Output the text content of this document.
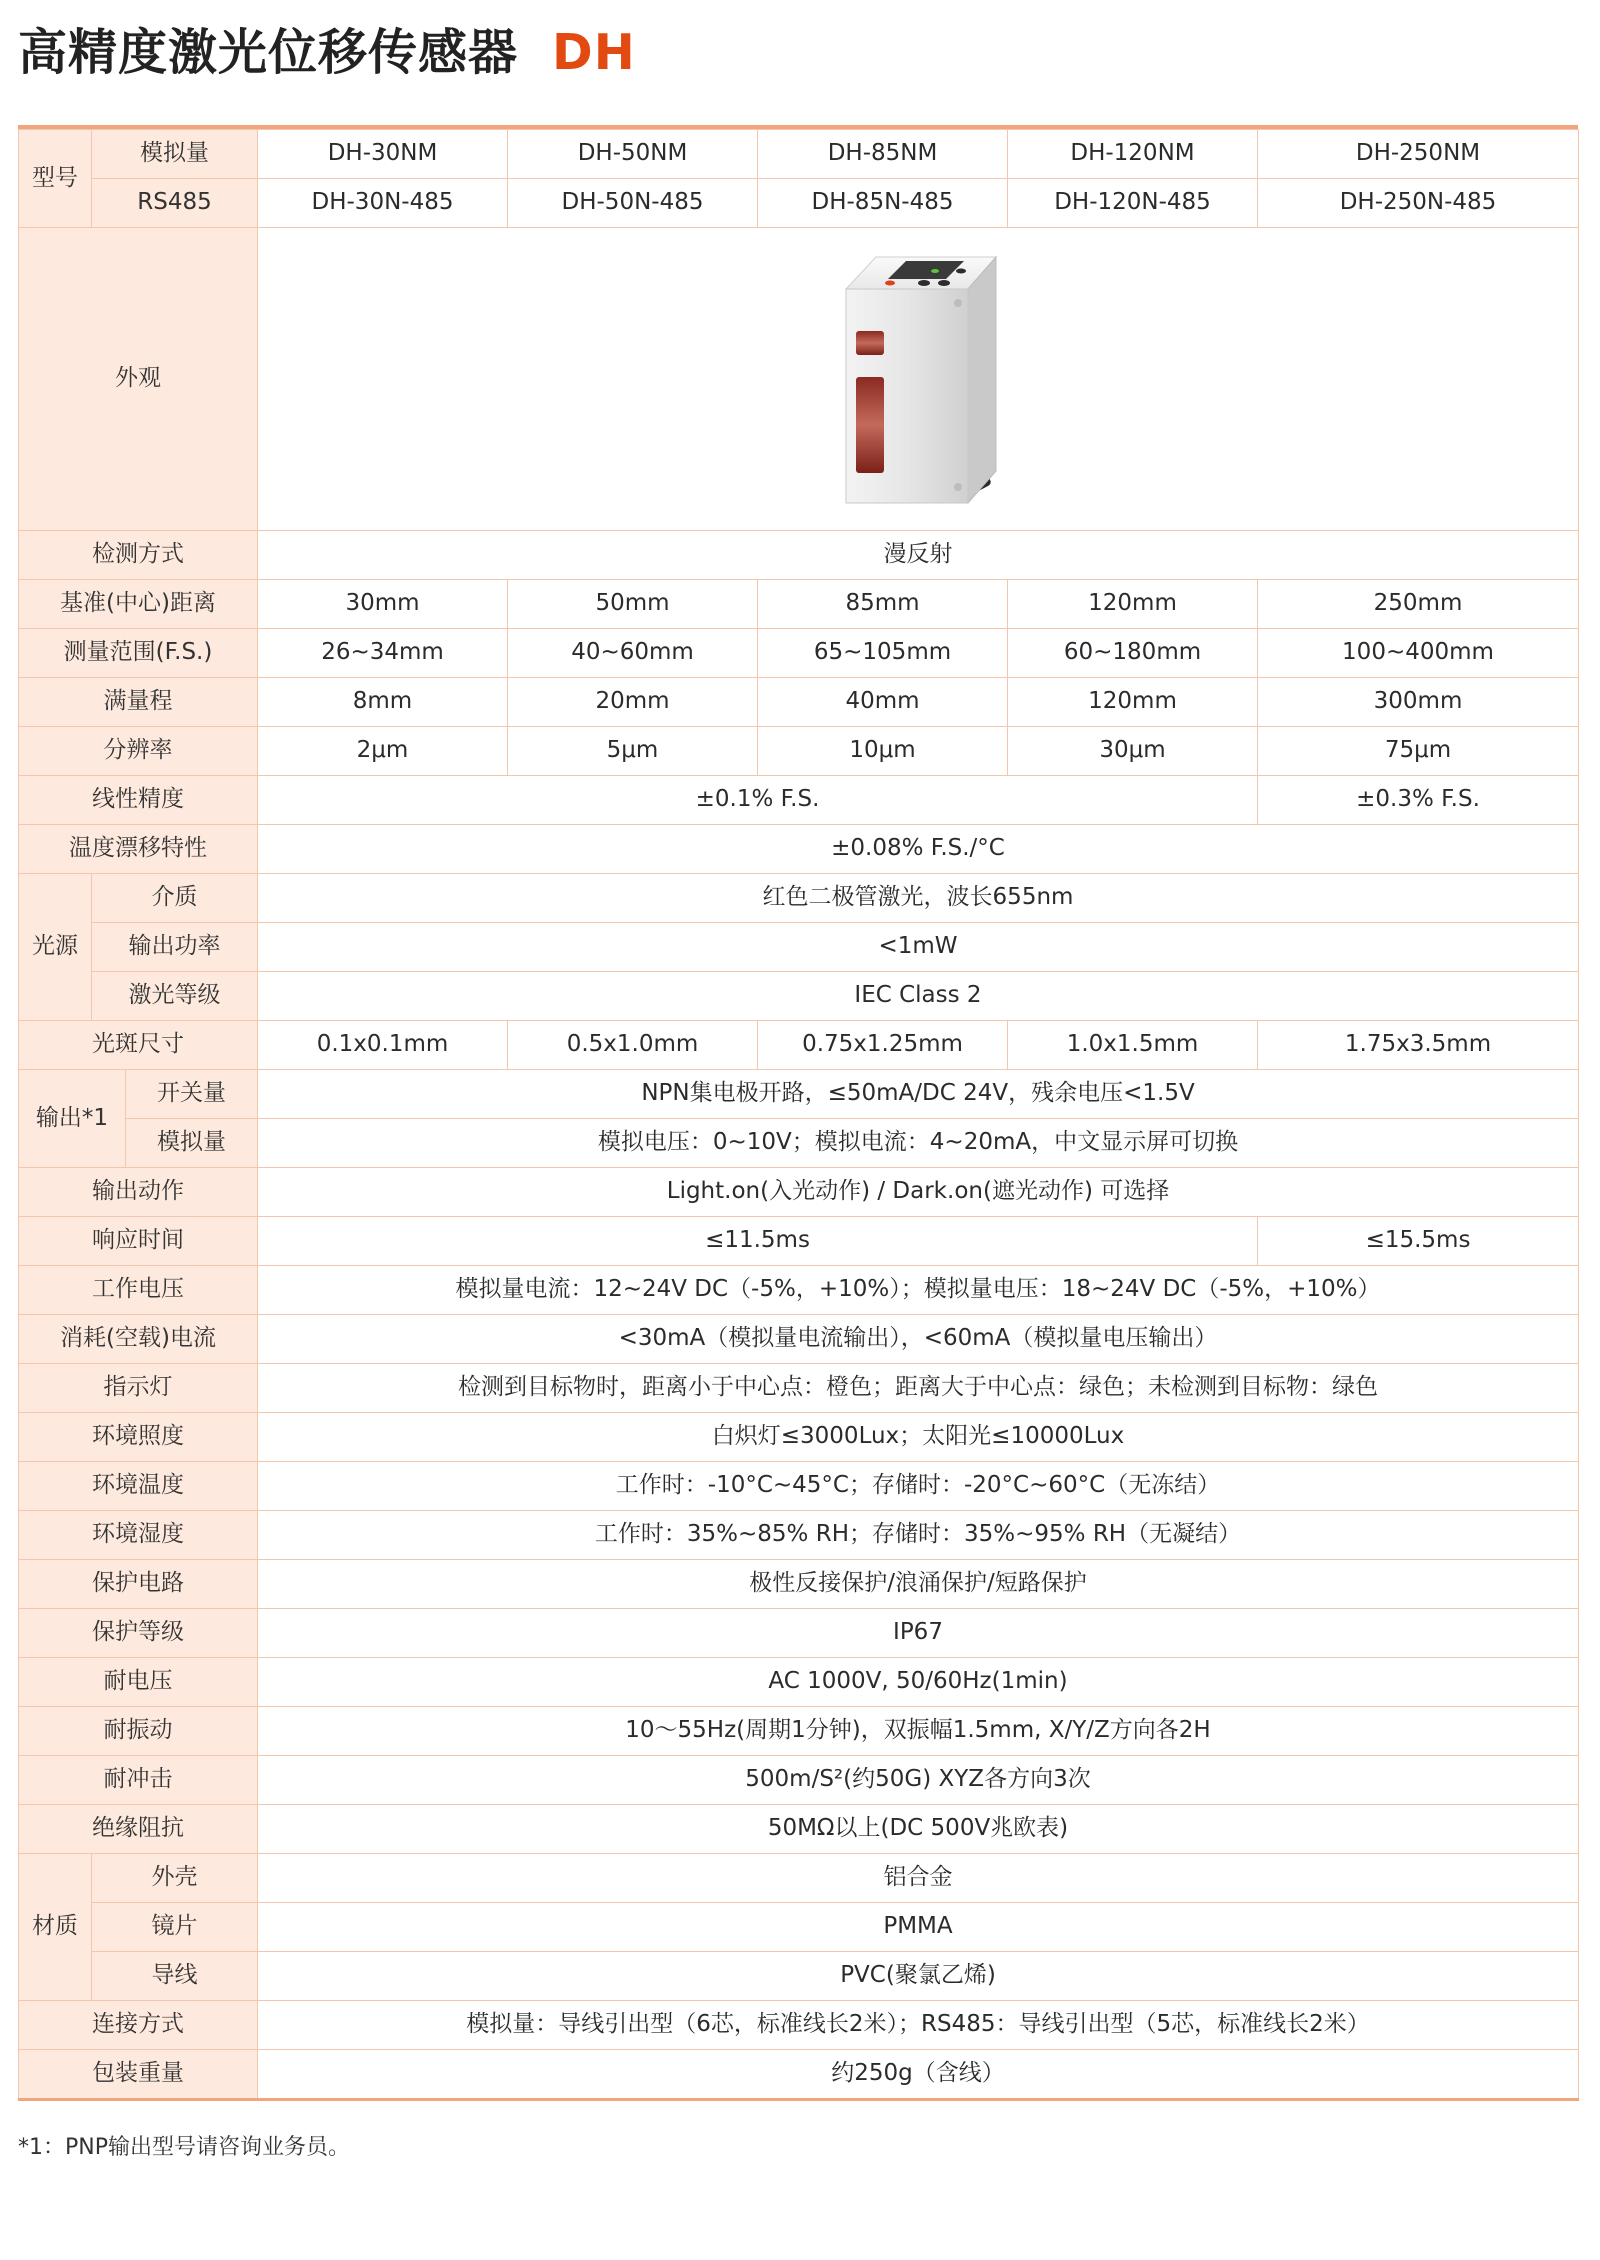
高精度激光位移传感器 DH
型号	模拟量		DH-30NM	DH-50NM	DH-85NM	DH-120NM	DH-250NM
	RS485		DH-30N-485	DH-50N-485	DH-85N-485	DH-120N-485	DH-250N-485
外观	

检测方式			漫反射				
基准(中心)距离			30mm	50mm	85mm	120mm	250mm
测量范围(F.S.)			26~34mm	40~60mm	65~105mm	60~180mm	100~400mm
满量程			8mm	20mm	40mm	120mm	300mm
分辨率			2μm	5μm	10μm	30μm	75μm
线性精度			±0.1% F.S.				±0.3% F.S.
温度漂移特性			±0.08% F.S./°C				
光源	介质		红色二极管激光，波长655nm				
	输出功率		<1mW				
	激光等级		IEC Class 2				
光斑尺寸			0.1x0.1mm	0.5x1.0mm	0.75x1.25mm	1.0x1.5mm	1.75x3.5mm
输出*1		开关量	NPN集电极开路，≤50mA/DC 24V，残余电压<1.5V				
		模拟量	模拟电压：0~10V；模拟电流：4~20mA，中文显示屏可切换				
输出动作			Light.on(入光动作) / Dark.on(遮光动作) 可选择				
响应时间			≤11.5ms				≤15.5ms
工作电压			模拟量电流：12~24V DC（-5%，+10%）；模拟量电压：18~24V DC（-5%，+10%）				
消耗(空载)电流			<30mA（模拟量电流输出），<60mA（模拟量电压输出）				
指示灯			检测到目标物时，距离小于中心点：橙色；距离大于中心点：绿色；未检测到目标物：绿色				
环境照度			白炽灯≤3000Lux；太阳光≤10000Lux				
环境温度			工作时：-10°C~45°C；存储时：-20°C~60°C（无冻结）				
环境湿度			工作时：35%~85% RH；存储时：35%~95% RH（无凝结）				
保护电路			极性反接保护/浪涌保护/短路保护				
保护等级			IP67				
耐电压			AC 1000V, 50/60Hz(1min)				
耐振动			10～55Hz(周期1分钟)，双振幅1.5mm, X/Y/Z方向各2H				
耐冲击			500m/S²(约50G) XYZ各方向3次				
绝缘阻抗			50MΩ以上(DC 500V兆欧表)				
材质	外壳		铝合金				
	镜片		PMMA				
	导线		PVC(聚氯乙烯)				
连接方式			模拟量：导线引出型（6芯，标准线长2米）；RS485：导线引出型（5芯，标准线长2米）				
包装重量			约250g（含线）				
*1：PNP输出型号请咨询业务员。
